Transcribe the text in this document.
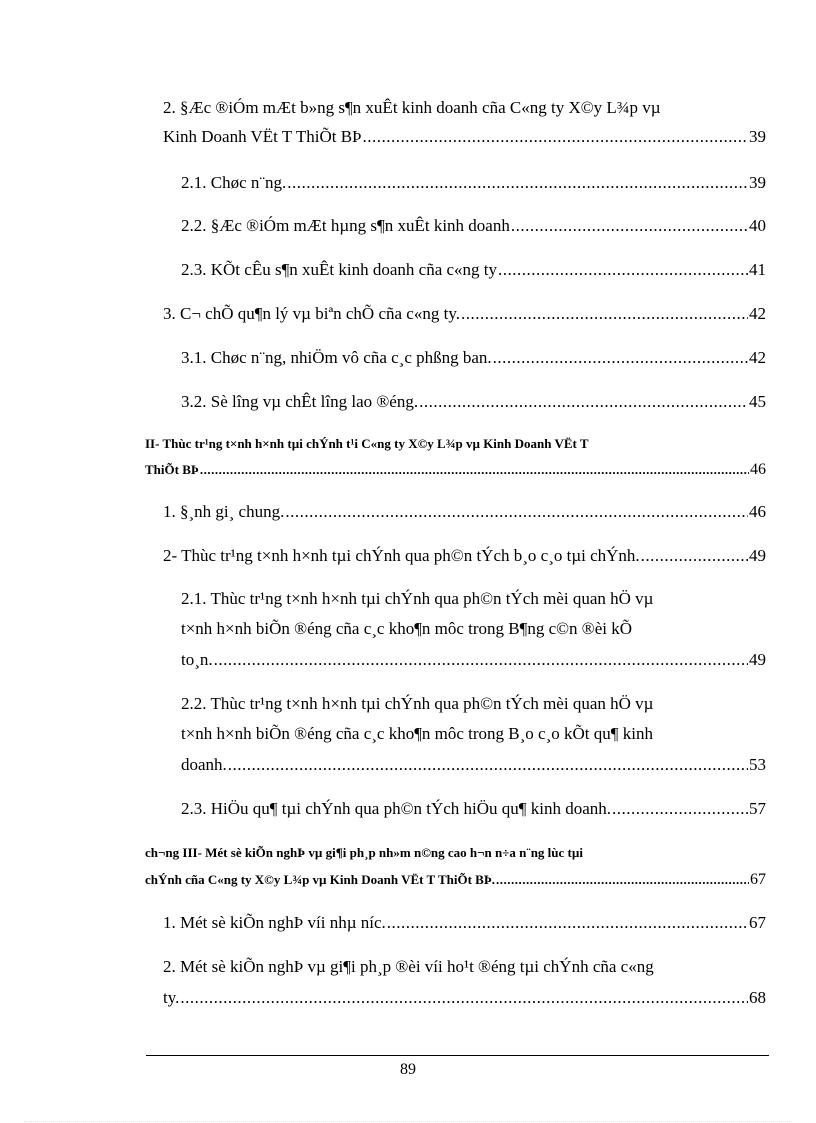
2. §Æc ®iÓm mÆt b»ng s¶n xuÊt kinh doanh cña C«ng ty X©y L¾p vµ
Kinh Doanh VËt T ThiÕt BÞ .....	39
2.1. Chøc n¨ng. .....	39
2.2. §Æc ®iÓm mÆt hµng s¶n xuÊt kinh doanh .....	40
2.3. KÕt cÊu s¶n xuÊt kinh doanh cña c«ng ty .....	41
3. C¬ chÕ qu¶n lý vµ biªn chÕ cña c«ng ty. .....	42
3.1. Chøc n¨ng, nhiÖm vô cña c¸c phßng ban. .....	42
3.2. Sè lîng vµ chÊt lîng lao ®éng. .....	45
II- Thùc tr¹ng t×nh h×nh tµi chÝnh t¹i C«ng ty X©y L¾p vµ Kinh Doanh VËt T
ThiÕt BÞ .....	46
1. §¸nh gi¸ chung. .....	46
2- Thùc tr¹ng t×nh h×nh tµi chÝnh qua ph©n tÝch b¸o c¸o tµi chÝnh. .....	49
2.1. Thùc tr¹ng t×nh h×nh tµi chÝnh qua ph©n tÝch mèi quan hÖ vµ
t×nh h×nh biÕn ®éng cña c¸c kho¶n môc trong B¶ng c©n ®èi kÕ
to¸n. .....	49
2.2. Thùc tr¹ng t×nh h×nh tµi chÝnh qua ph©n tÝch mèi quan hÖ vµ
t×nh h×nh biÕn ®éng cña c¸c kho¶n môc trong B¸o c¸o kÕt qu¶ kinh
doanh. .....	53
2.3. HiÖu qu¶ tµi chÝnh qua ph©n tÝch hiÖu qu¶ kinh doanh. .....	57
ch¬ng III- Mét sè kiÕn nghÞ vµ gi¶i ph¸p nh»m n©ng cao h¬n n÷a n¨ng lùc tµi
chÝnh cña C«ng ty X©y L¾p vµ Kinh Doanh VËt T ThiÕt BÞ. .....	67
1. Mét sè kiÕn nghÞ víi nhµ níc. .....	67
2. Mét sè kiÕn nghÞ vµ gi¶i ph¸p ®èi víi ho¹t ®éng tµi chÝnh cña c«ng
ty. .....	68
89
